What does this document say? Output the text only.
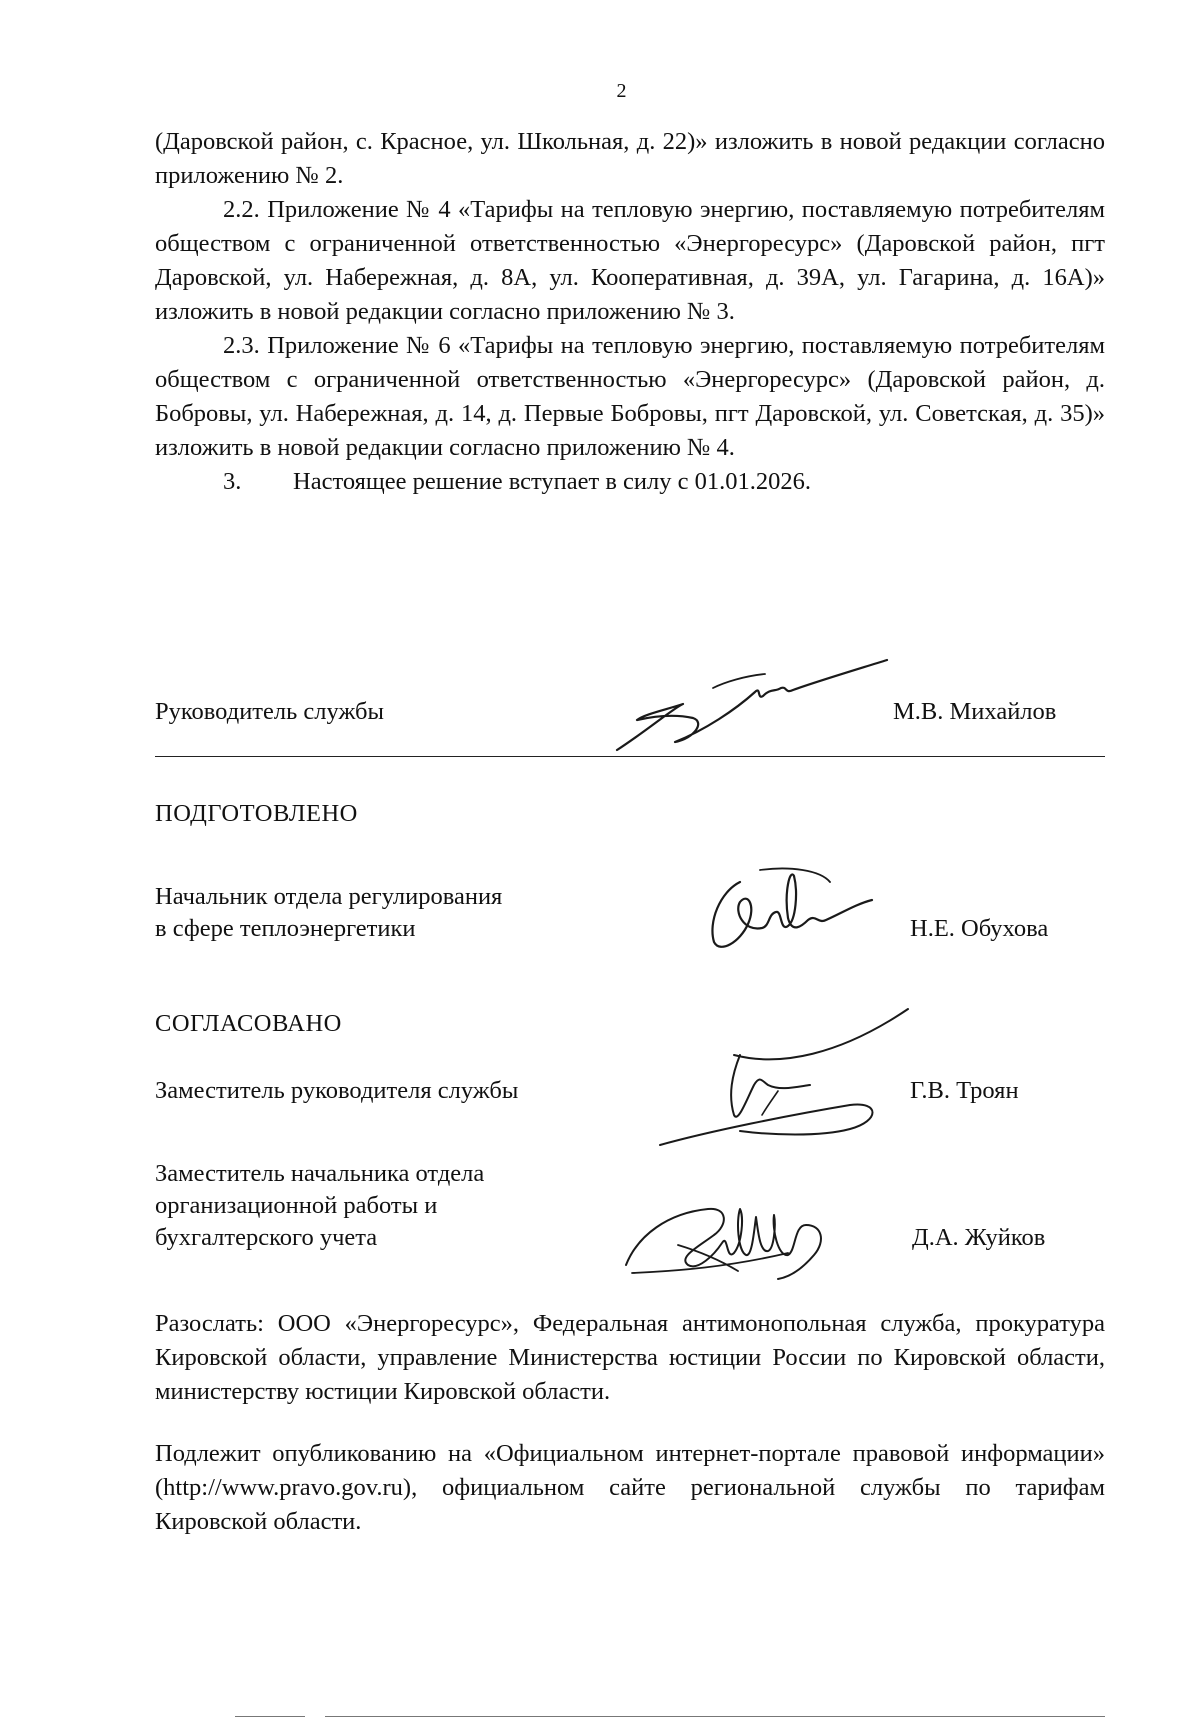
2

(Даровской район, с. Красное, ул. Школьная, д. 22)» изложить в новой редакции согласно приложению № 2.

2.2. Приложение № 4 «Тарифы на тепловую энергию, поставляемую потребителям обществом с ограниченной ответственностью «Энергоресурс» (Даровской район, пгт Даровской, ул. Набережная, д. 8А, ул. Кооперативная, д. 39А, ул. Гагарина, д. 16А)» изложить в новой редакции согласно приложению № 3.

2.3. Приложение № 6 «Тарифы на тепловую энергию, поставляемую потребителям обществом с ограниченной ответственностью «Энергоресурс» (Даровской район, д. Бобровы, ул. Набережная, д. 14, д. Первые Бобровы, пгт Даровской, ул. Советская, д. 35)» изложить в новой редакции согласно приложению № 4.

3. Настоящее решение вступает в силу с 01.01.2026.

Руководитель службы	М.В. Михайлов
ПОДГОТОВЛЕНО
Начальник отдела регулирования
в сфере теплоэнергетики	Н.Е. Обухова
СОГЛАСОВАНО
Заместитель руководителя службы	Г.В. Троян
Заместитель начальника отдела
организационной работы и
бухгалтерского учета	Д.А. Жуйков
Разослать: ООО «Энергоресурс», Федеральная антимонопольная служба, прокуратура Кировской области, управление Министерства юстиции России по Кировской области, министерству юстиции Кировской области.
Подлежит опубликованию на «Официальном интернет-портале правовой информации» (http://www.pravo.gov.ru), официальном сайте региональной службы по тарифам Кировской области.
